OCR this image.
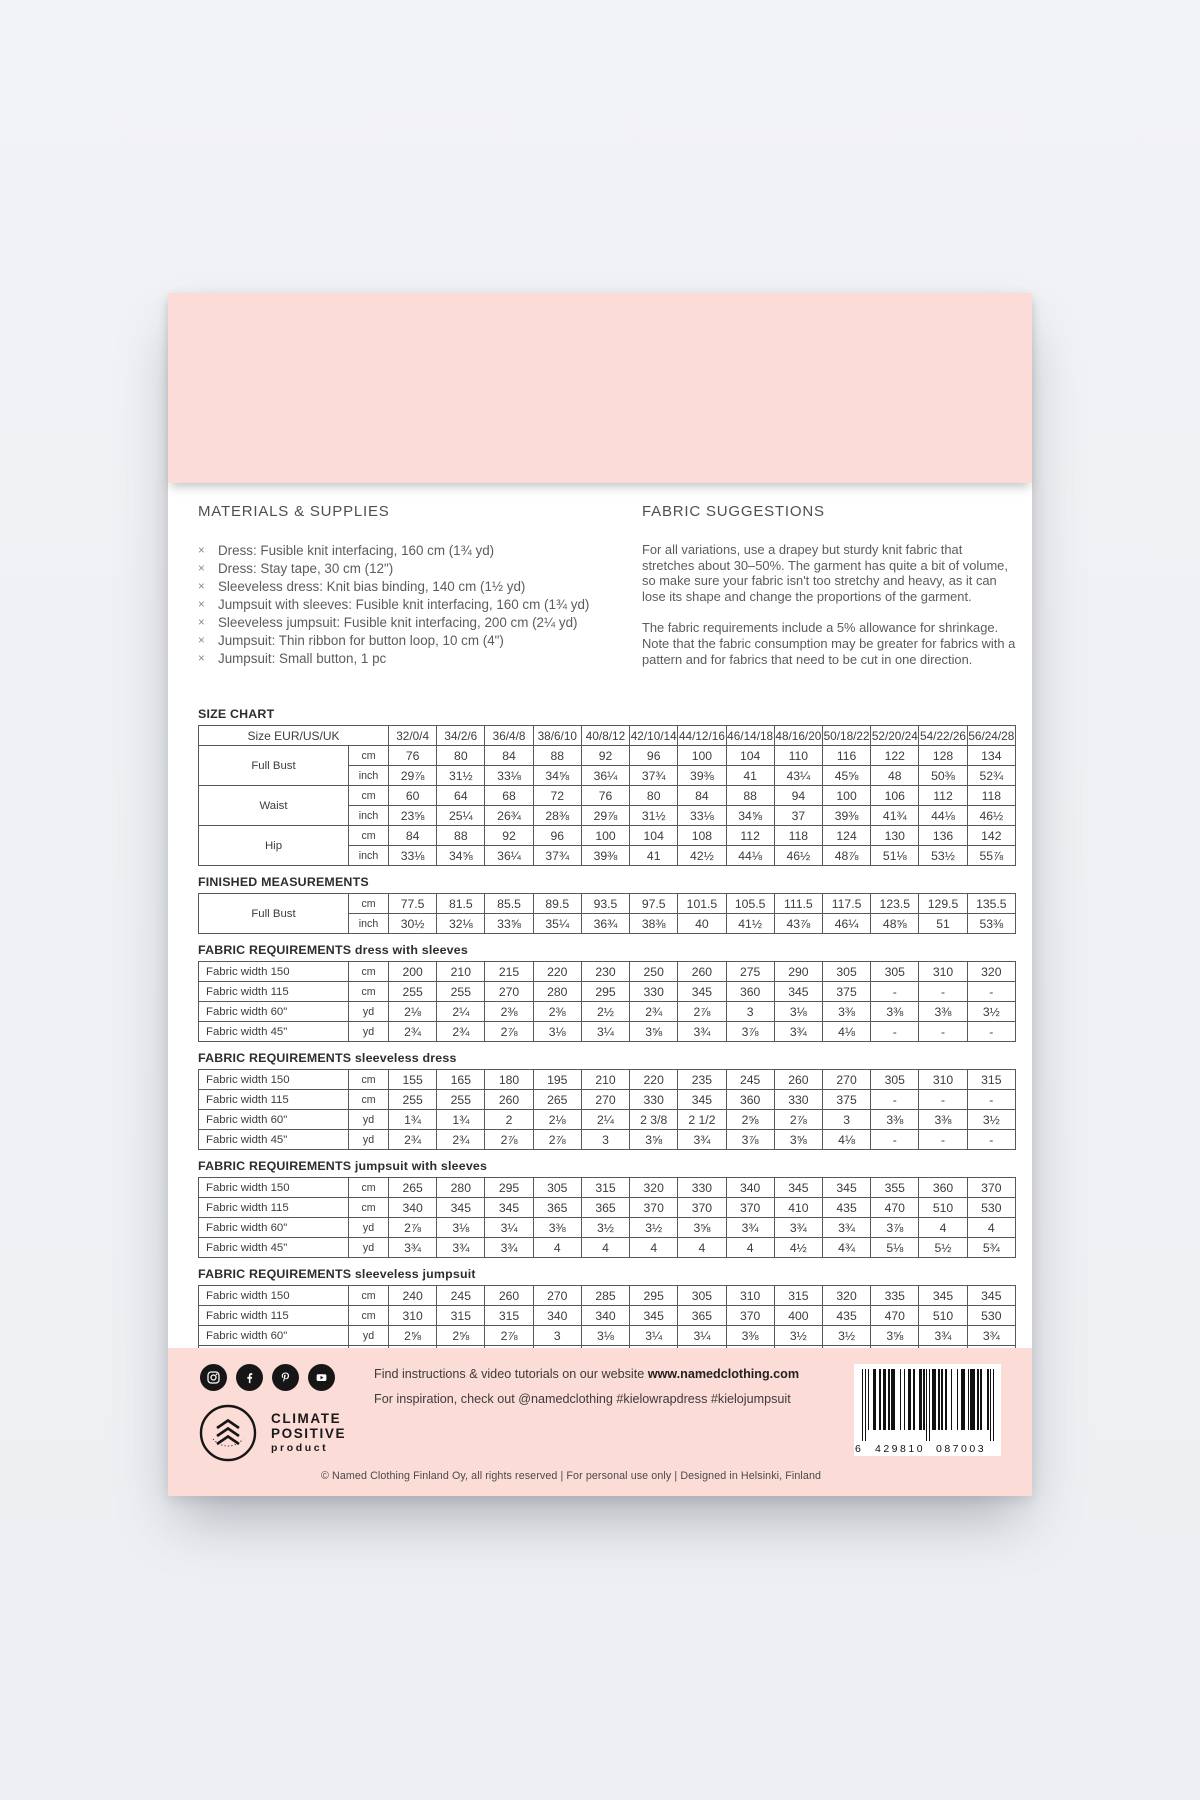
MATERIALS & SUPPLIES
× Dress: Fusible knit interfacing, 160 cm (1¾ yd)
× Dress: Stay tape, 30 cm (12")
× Sleeveless dress: Knit bias binding, 140 cm (1½ yd)
× Jumpsuit with sleeves: Fusible knit interfacing, 160 cm (1¾ yd)
× Sleeveless jumpsuit: Fusible knit interfacing, 200 cm (2¼ yd)
× Jumpsuit: Thin ribbon for button loop, 10 cm (4")
× Jumpsuit: Small button, 1 pc
FABRIC SUGGESTIONS

For all variations, use a drapey but sturdy knit fabric that stretches about 30–50%. The garment has quite a bit of volume, so make sure your fabric isn't too stretchy and heavy, as it can lose its shape and change the proportions of the garment.

The fabric requirements include a 5% allowance for shrinkage. Note that the fabric consumption may be greater for fabrics with a pattern and for fabrics that need to be cut in one direction.

SIZE CHART
Size EUR/US/UK		32/0/4	34/2/6	36/4/8	38/6/10	40/8/12	42/10/14	44/12/16	46/14/18	48/16/20	50/18/22	52/20/24	54/22/26	56/24/28
Full Bust	cm	76	80	84	88	92	96	100	104	110	116	122	128	134
	inch	29⅞	31½	33⅛	34⅝	36¼	37¾	39⅜	41	43¼	45⅝	48	50⅜	52¾
Waist	cm	60	64	68	72	76	80	84	88	94	100	106	112	118
	inch	23⅝	25¼	26¾	28⅜	29⅞	31½	33⅛	34⅝	37	39⅜	41¾	44⅛	46½
Hip	cm	84	88	92	96	100	104	108	112	118	124	130	136	142
	inch	33⅛	34⅝	36¼	37¾	39⅜	41	42½	44⅛	46½	48⅞	51⅛	53½	55⅞
FINISHED MEASUREMENTS
Full Bust	cm	77.5	81.5	85.5	89.5	93.5	97.5	101.5	105.5	111.5	117.5	123.5	129.5	135.5
	inch	30½	32⅛	33⅝	35¼	36¾	38⅜	40	41½	43⅞	46¼	48⅝	51	53⅜
FABRIC REQUIREMENTS dress with sleeves
Fabric width 150	cm	200	210	215	220	230	250	260	275	290	305	305	310	320
Fabric width 115	cm	255	255	270	280	295	330	345	360	345	375	-	-	-
Fabric width 60"	yd	2⅛	2¼	2⅜	2⅜	2½	2¾	2⅞	3	3⅛	3⅜	3⅜	3⅜	3½
Fabric width 45"	yd	2¾	2¾	2⅞	3⅛	3¼	3⅝	3¾	3⅞	3¾	4⅛	-	-	-
FABRIC REQUIREMENTS sleeveless dress
Fabric width 150	cm	155	165	180	195	210	220	235	245	260	270	305	310	315
Fabric width 115	cm	255	255	260	265	270	330	345	360	330	375	-	-	-
Fabric width 60"	yd	1¾	1¾	2	2⅛	2¼	2 3/8	2 1/2	2⅝	2⅞	3	3⅜	3⅜	3½
Fabric width 45"	yd	2¾	2¾	2⅞	2⅞	3	3⅝	3¾	3⅞	3⅝	4⅛	-	-	-
FABRIC REQUIREMENTS jumpsuit with sleeves
Fabric width 150	cm	265	280	295	305	315	320	330	340	345	345	355	360	370
Fabric width 115	cm	340	345	345	365	365	370	370	370	410	435	470	510	530
Fabric width 60"	yd	2⅞	3⅛	3¼	3⅜	3½	3½	3⅝	3¾	3¾	3¾	3⅞	4	4
Fabric width 45"	yd	3¾	3¾	3¾	4	4	4	4	4	4½	4¾	5⅛	5½	5¾
FABRIC REQUIREMENTS sleeveless jumpsuit
Fabric width 150	cm	240	245	260	270	285	295	305	310	315	320	335	345	345
Fabric width 115	cm	310	315	315	340	340	345	365	370	400	435	470	510	530
Fabric width 60"	yd	2⅝	2⅝	2⅞	3	3⅛	3¼	3¼	3⅜	3½	3½	3⅝	3¾	3¾

Find instructions & video tutorials on our website www.namedclothing.com
For inspiration, check out @namedclothing #kielowrapdress #kielojumpsuit
CLIMATE
POSITIVE
product
© Named Clothing Finland Oy, all rights reserved | For personal use only | Designed in Helsinki, Finland
6 429810 087003
